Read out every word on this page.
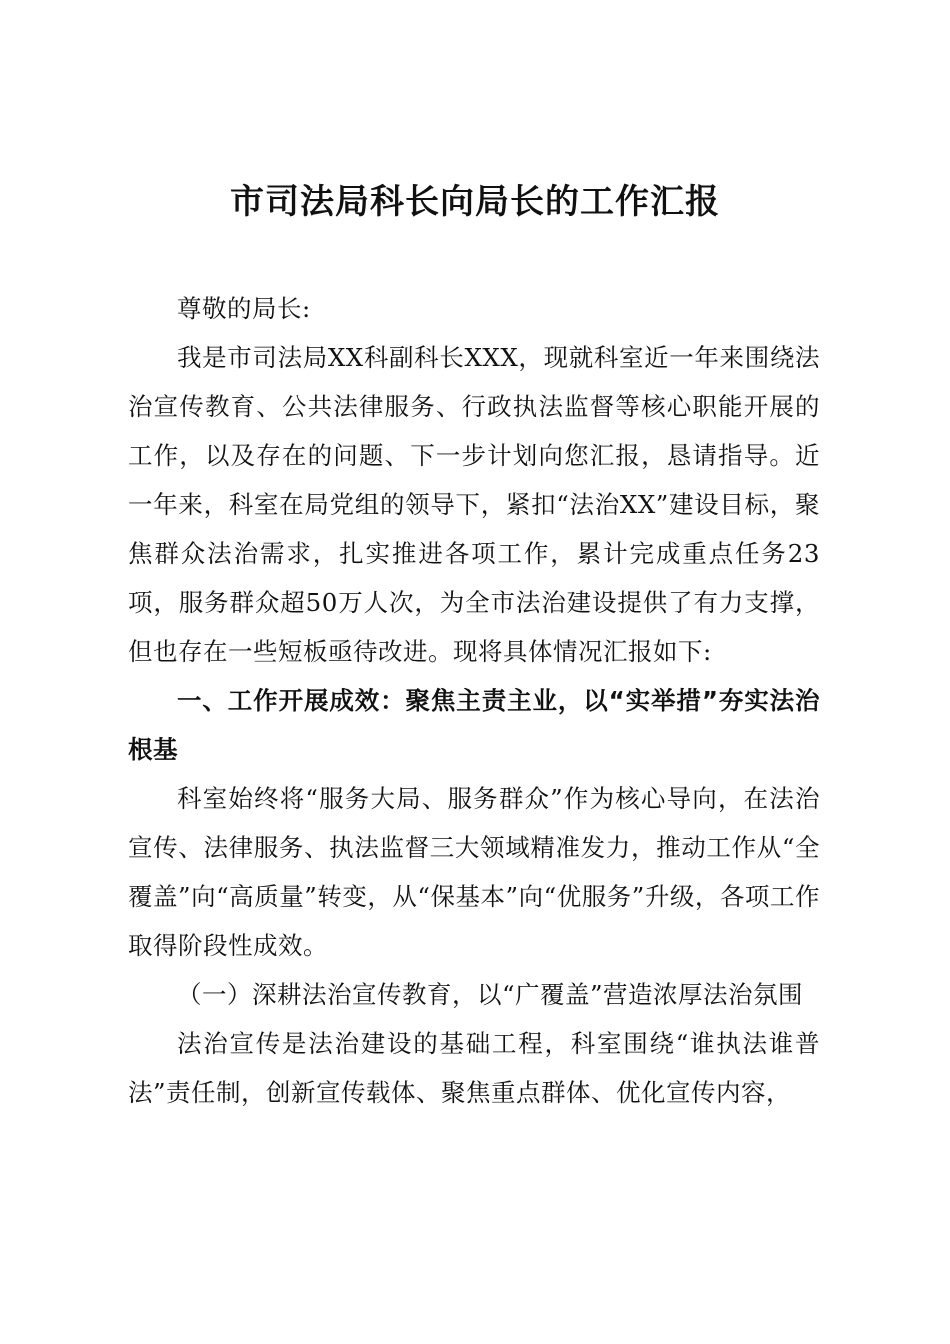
市司法局科长向局长的工作汇报

尊敬的局长:

我是市司法局XX科副科长XXX，现就科室近一年来围绕法治宣传教育、公共法律服务、行政执法监督等核心职能开展的工作，以及存在的问题、下一步计划向您汇报，恳请指导。近一年来，科室在局党组的领导下，紧扣“法治XX”建设目标，聚焦群众法治需求，扎实推进各项工作，累计完成重点任务23项，服务群众超50万人次，为全市法治建设提供了有力支撑，但也存在一些短板亟待改进。现将具体情况汇报如下:

一、工作开展成效：聚焦主责主业，以“实举措”夯实法治根基

科室始终将“服务大局、服务群众”作为核心导向，在法治宣传、法律服务、执法监督三大领域精准发力，推动工作从“全覆盖”向“高质量”转变，从“保基本”向“优服务”升级，各项工作取得阶段性成效。

（一）深耕法治宣传教育，以“广覆盖”营造浓厚法治氛围

法治宣传是法治建设的基础工程，科室围绕“谁执法谁普法”责任制，创新宣传载体、聚焦重点群体、优化宣传内容，
